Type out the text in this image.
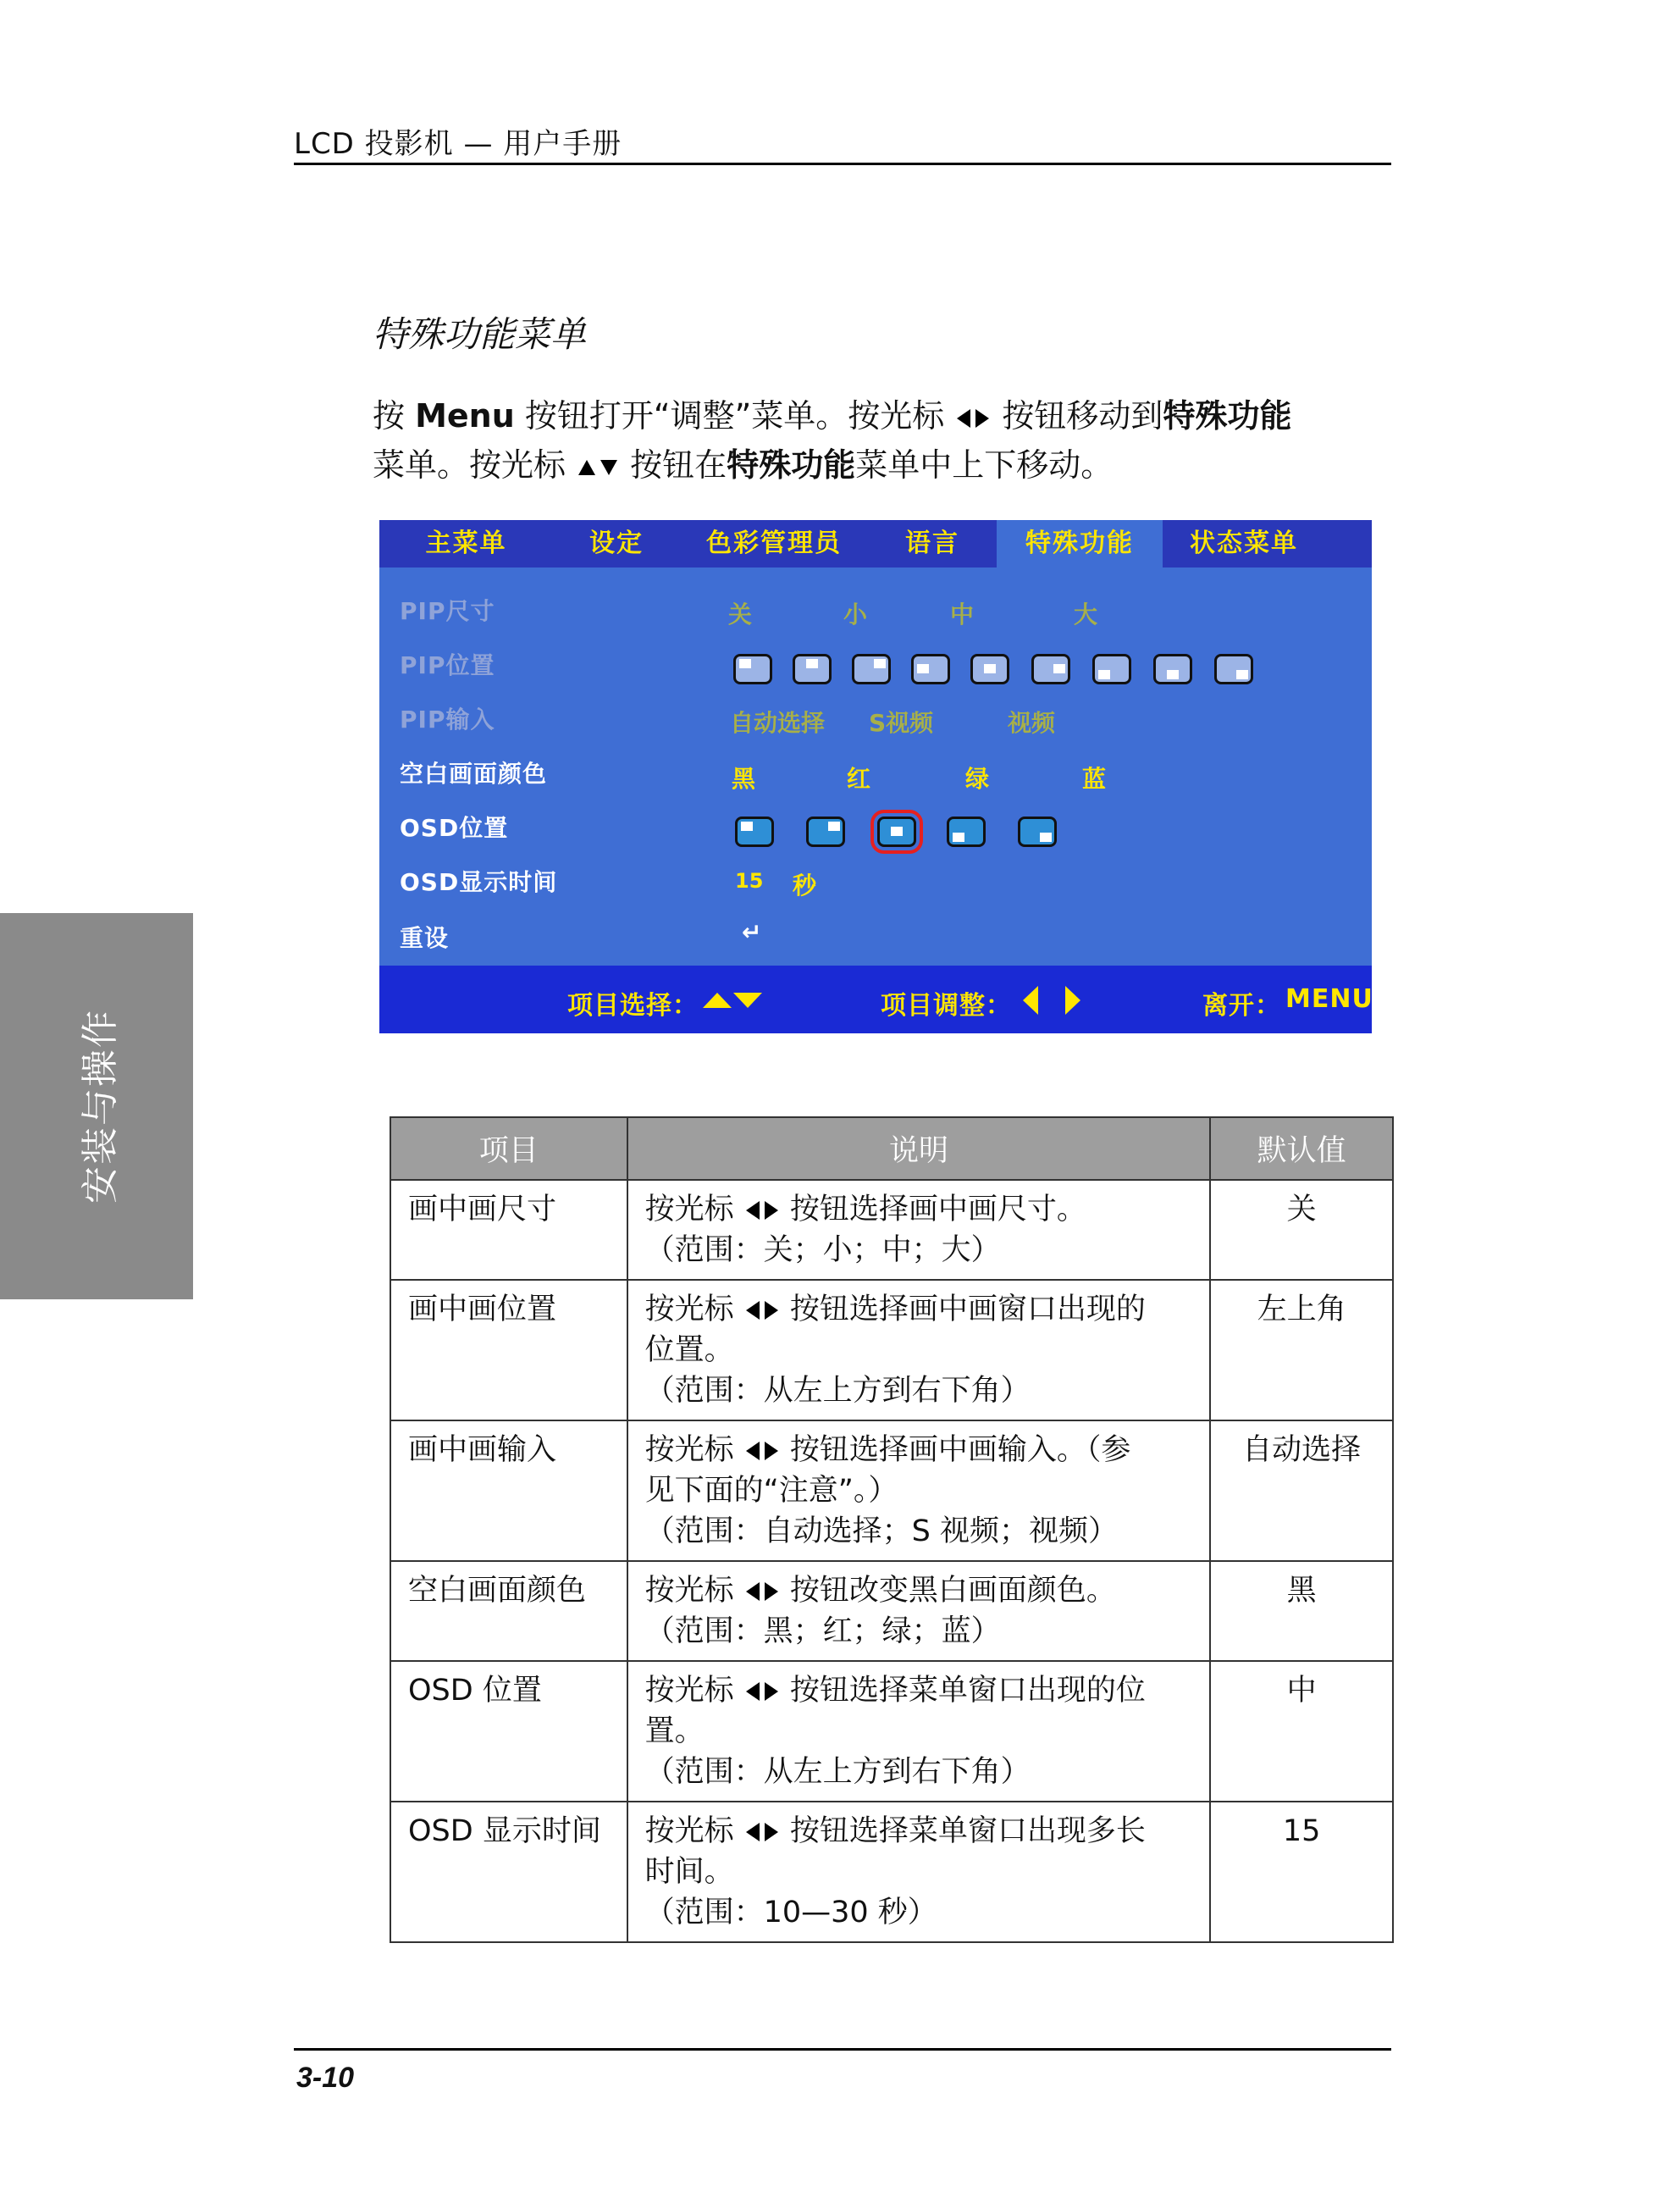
LCD 投影机 — 用户手册
安装与操作
特殊功能菜单
按 Menu 按钮打开“调整”菜单。按光标  按钮移动到特殊功能
菜单。按光标  按钮在特殊功能菜单中上下移动。
主菜单	设定	色彩管理员	语言	特殊功能	状态菜单
PIP尺寸	关	小	中	大
PIP位置
PIP输入	自动选择 S视频	视频
空白画面颜色	黑	红	绿	蓝
OSD位置
OSD显示时间	15 秒
重设	↵
项目选择：	项目调整：	离开： MENU
项目	说明	默认值
画中画尺寸	按光标 按钮选择画中画尺寸。
（范围：关；小；中；大）	关
画中画位置	按光标 按钮选择画中画窗口出现的
位置。
（范围：从左上方到右下角）	左上角
画中画输入	按光标 按钮选择画中画输入。（参
见下面的“注意”。）
（范围：自动选择；S 视频；视频）	自动选择
空白画面颜色	按光标 按钮改变黑白画面颜色。
（范围：黑；红；绿；蓝）	黑
OSD 位置	按光标 按钮选择菜单窗口出现的位
置。
（范围：从左上方到右下角）	中
OSD 显示时间	按光标 按钮选择菜单窗口出现多长
时间。
（范围：10—30 秒）	15
3-10
